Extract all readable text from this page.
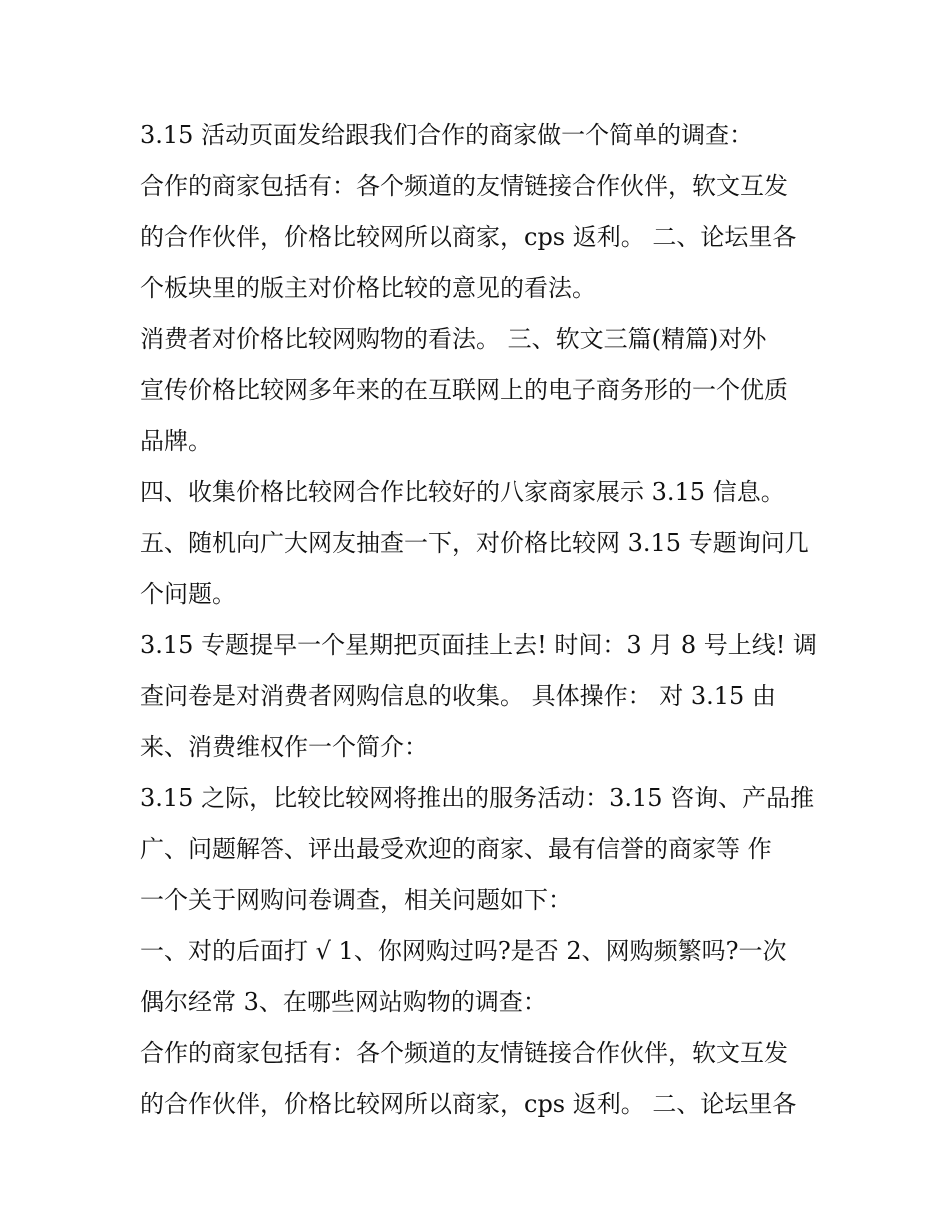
3.15 活动页面发给跟我们合作的商家做一个简单的调查：
合作的商家包括有：各个频道的友情链接合作伙伴，软文互发
的合作伙伴，价格比较网所以商家，cps 返利。 二、论坛里各
个板块里的版主对价格比较的意见的看法。
消费者对价格比较网购物的看法。 三、软文三篇(精篇)对外
宣传价格比较网多年来的在互联网上的电子商务形的一个优质
品牌。
四、收集价格比较网合作比较好的八家商家展示 3.15 信息。
五、随机向广大网友抽查一下，对价格比较网 3.15 专题询问几
个问题。
3.15 专题提早一个星期把页面挂上去! 时间：3 月 8 号上线! 调
查问卷是对消费者网购信息的收集。 具体操作： 对 3.15 由
来、消费维权作一个简介：
3.15 之际，比较比较网将推出的服务活动：3.15 咨询、产品推
广、问题解答、评出最受欢迎的商家、最有信誉的商家等 作
一个关于网购问卷调查，相关问题如下：
一、对的后面打 √ 1、你网购过吗?是否 2、网购频繁吗?一次
偶尔经常 3、在哪些网站购物的调查：
合作的商家包括有：各个频道的友情链接合作伙伴，软文互发
的合作伙伴，价格比较网所以商家，cps 返利。 二、论坛里各
